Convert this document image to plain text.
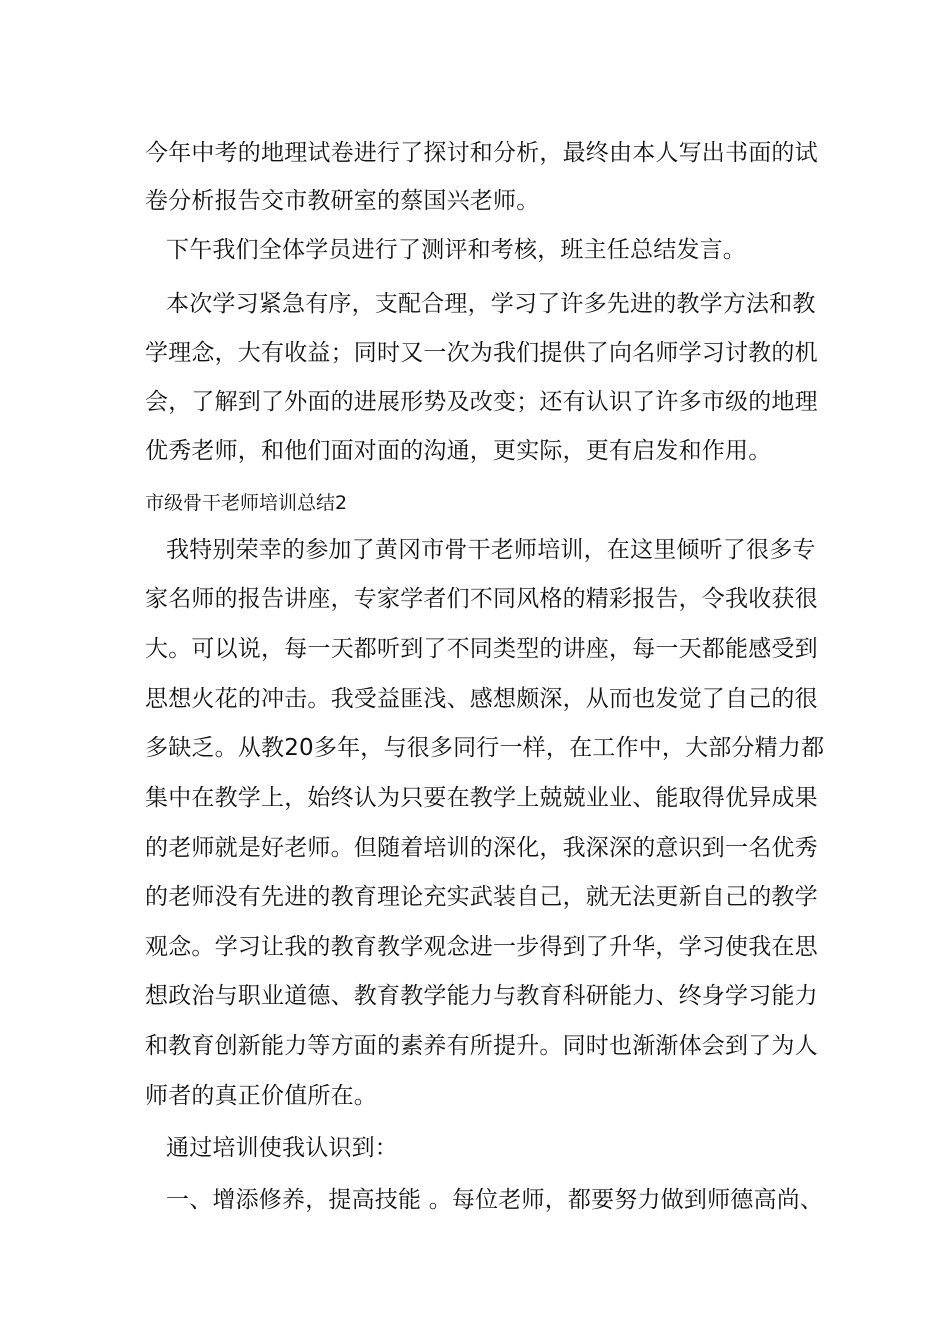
今年中考的地理试卷进行了探讨和分析，最终由本人写出书面的试
卷分析报告交市教研室的蔡国兴老师。
下午我们全体学员进行了测评和考核，班主任总结发言。
本次学习紧急有序，支配合理，学习了许多先进的教学方法和教
学理念，大有收益；同时又一次为我们提供了向名师学习讨教的机
会，了解到了外面的进展形势及改变；还有认识了许多市级的地理
优秀老师，和他们面对面的沟通，更实际，更有启发和作用。
市级骨干老师培训总结2
我特别荣幸的参加了黄冈市骨干老师培训，在这里倾听了很多专
家名师的报告讲座，专家学者们不同风格的精彩报告，令我收获很
大。可以说，每一天都听到了不同类型的讲座，每一天都能感受到
思想火花的冲击。我受益匪浅、感想颇深，从而也发觉了自己的很
多缺乏。从教20多年，与很多同行一样，在工作中，大部分精力都
集中在教学上，始终认为只要在教学上兢兢业业、能取得优异成果
的老师就是好老师。但随着培训的深化，我深深的意识到一名优秀
的老师没有先进的教育理论充实武装自己，就无法更新自己的教学
观念。学习让我的教育教学观念进一步得到了升华，学习使我在思
想政治与职业道德、教育教学能力与教育科研能力、终身学习能力
和教育创新能力等方面的素养有所提升。同时也渐渐体会到了为人
师者的真正价值所在。
通过培训使我认识到：
一、增添修养，提高技能 。每位老师，都要努力做到师德高尚、
